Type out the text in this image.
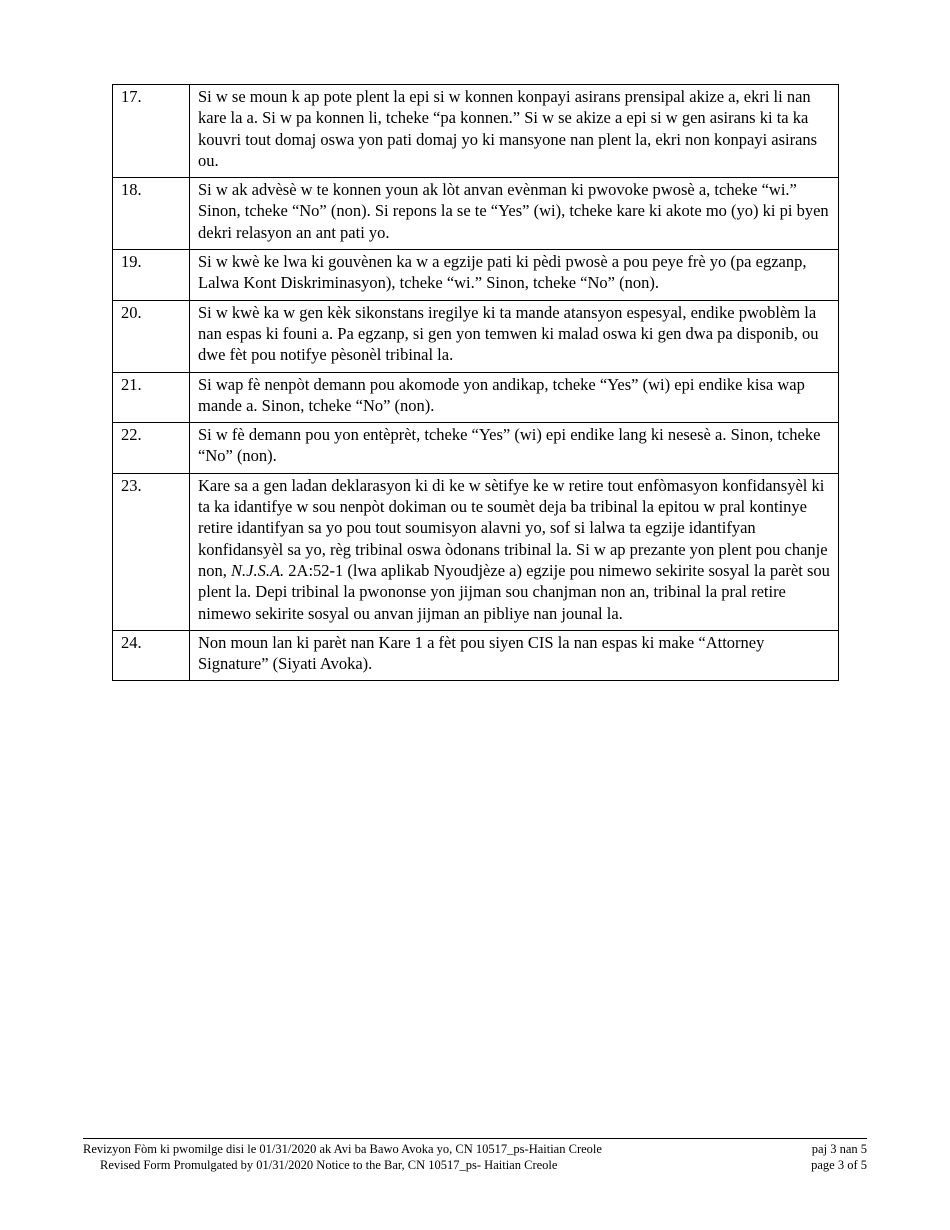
17.	Si w se moun k ap pote plent la epi si w konnen konpayi asirans prensipal akize a, ekri li nan kare la a. Si w pa konnen li, tcheke “pa konnen.” Si w se akize a epi si w gen asirans ki ta ka kouvri tout domaj oswa yon pati domaj yo ki mansyone nan plent la, ekri non konpayi asirans ou.
18.	Si w ak advèsè w te konnen youn ak lòt anvan evènman ki pwovoke pwosè a, tcheke “wi.” Sinon, tcheke “No” (non). Si repons la se te “Yes” (wi), tcheke kare ki akote mo (yo) ki pi byen dekri relasyon an ant pati yo.
19.	Si w kwè ke lwa ki gouvènen ka w a egzije pati ki pèdi pwosè a pou peye frè yo (pa egzanp, Lalwa Kont Diskriminasyon), tcheke “wi.” Sinon, tcheke “No” (non).
20.	Si w kwè ka w gen kèk sikonstans iregilye ki ta mande atansyon espesyal, endike pwoblèm la nan espas ki founi a. Pa egzanp, si gen yon temwen ki malad oswa ki gen dwa pa disponib, ou dwe fèt pou notifye pèsonèl tribinal la.
21.	Si wap fè nenpòt demann pou akomode yon andikap, tcheke “Yes” (wi) epi endike kisa wap mande a. Sinon, tcheke “No” (non).
22.	Si w fè demann pou yon entèprèt, tcheke “Yes” (wi) epi endike lang ki nesesè a. Sinon, tcheke “No” (non).
23.	Kare sa a gen ladan deklarasyon ki di ke w sètifye ke w retire tout enfòmasyon konfidansyèl ki ta ka idantifye w sou nenpòt dokiman ou te soumèt deja ba tribinal la epitou w pral kontinye retire idantifyan sa yo pou tout soumisyon alavni yo, sof si lalwa ta egzije idantifyan konfidansyèl sa yo, règ tribinal oswa òdonans tribinal la. Si w ap prezante yon plent pou chanje non, N.J.S.A. 2A:52-1 (lwa aplikab Nyoudjèze a) egzije pou nimewo sekirite sosyal la parèt sou plent la. Depi tribinal la pwononse yon jijman sou chanjman non an, tribinal la pral retire nimewo sekirite sosyal ou anvan jijman an pibliye nan jounal la.
24.	Non moun lan ki parèt nan Kare 1 a fèt pou siyen CIS la nan espas ki make “Attorney Signature” (Siyati Avoka).
Revizyon Fòm ki pwomilge disi le 01/31/2020 ak Avi ba Bawo Avoka yo, CN 10517_ps-Haitian Creole	paj 3 nan 5
Revised Form Promulgated by 01/31/2020 Notice to the Bar, CN 10517_ps- Haitian Creole	page 3 of 5
